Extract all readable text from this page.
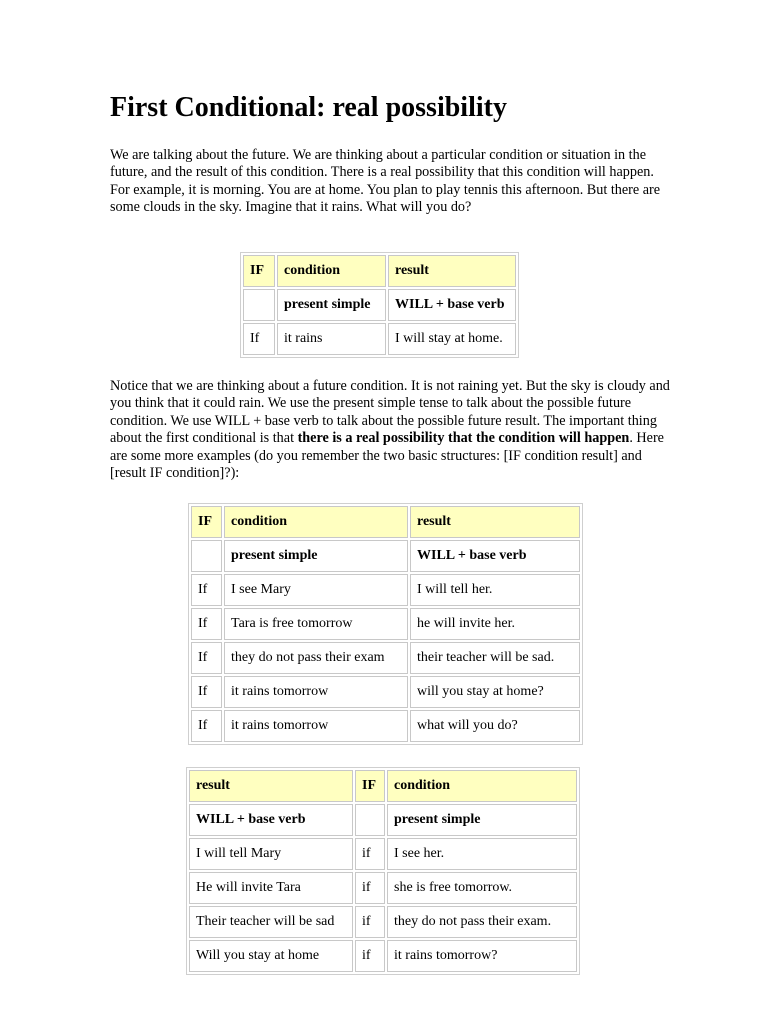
First Conditional: real possibility

We are talking about the future. We are thinking about a particular condition or situation in the future, and the result of this condition. There is a real possibility that this condition will happen. For example, it is morning. You are at home. You plan to play tennis this afternoon. But there are some clouds in the sky. Imagine that it rains. What will you do?

IF	condition	result
	present simple	WILL + base verb
If	it rains	I will stay at home.

Notice that we are thinking about a future condition. It is not raining yet. But the sky is cloudy and you think that it could rain. We use the present simple tense to talk about the possible future condition. We use WILL + base verb to talk about the possible future result. The important thing about the first conditional is that there is a real possibility that the condition will happen. Here are some more examples (do you remember the two basic structures: [IF condition result] and [result IF condition]?):

IF	condition	result
	present simple	WILL + base verb
If	I see Mary	I will tell her.
If	Tara is free tomorrow	he will invite her.
If	they do not pass their exam	their teacher will be sad.
If	it rains tomorrow	will you stay at home?
If	it rains tomorrow	what will you do?
result	IF	condition
WILL + base verb		present simple
I will tell Mary	if	I see her.
He will invite Tara	if	she is free tomorrow.
Their teacher will be sad	if	they do not pass their exam.
Will you stay at home	if	it rains tomorrow?
